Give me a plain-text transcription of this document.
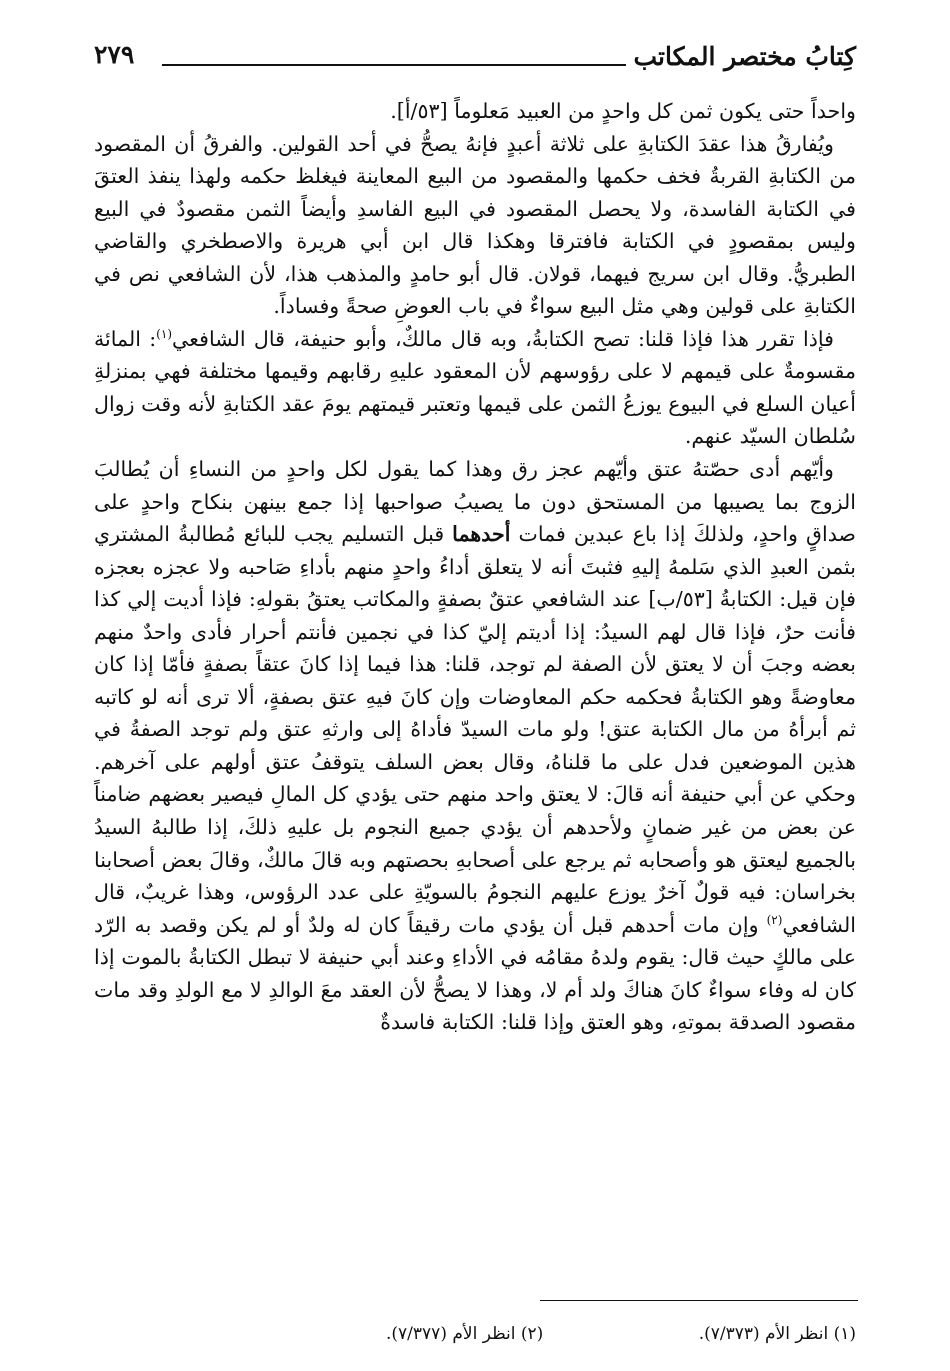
كِتابُ مختصر المكاتب
٢٧٩

واحداً حتى يكون ثمن كل واحدٍ من العبيد مَعلوماً [٥٣/أ].

ويُفارقُ هذا عقدَ الكتابةِ على ثلاثة أعبدٍ فإنهُ يصحُّ في أحد القولين. والفرقُ أن المقصود من الكتابةِ القربةُ فخف حكمها والمقصود من البيع المعاينة فيغلظ حكمه ولهذا ينفذ العتقَ في الكتابة الفاسدة، ولا يحصل المقصود في البيع الفاسدِ وأيضاً الثمن مقصودٌ في البيع وليس بمقصودٍ في الكتابة فافترقا وهكذا قال ابن أبي هريرة والاصطخري والقاضي الطبريُّ. وقال ابن سريج فيهما، قولان. قال أبو حامدٍ والمذهب هذا، لأن الشافعي نص في الكتابةِ على قولين وهي مثل البيع سواءٌ في باب العوضِ صحةً وفساداً.

فإذا تقرر هذا فإذا قلنا: تصح الكتابةُ، وبه قال مالكٌ، وأبو حنيفة، قال الشافعي$^{(١)}$: المائة مقسومةٌ على قيمهم لا على رؤوسهم لأن المعقود عليهِ رقابهم وقيمها مختلفة فهي بمنزلةِ أعيان السلع في البيوع يوزعُ الثمن على قيمها وتعتبر قيمتهم يومَ عقد الكتابةِ لأنه وقت زوال سُلطان السيّد عنهم.

وأيّهم أدى حصّتهُ عتق وأيّهم عجز رق وهذا كما يقول لكل واحدٍ من النساءِ أن يُطالبَ الزوج بما يصيبها من المستحق دون ما يصيبُ صواحبها إذا جمع بينهن بنكاح واحدٍ على صداقٍ واحدٍ، ولذلكَ إذا باع عبدين فمات أحدهما قبل التسليم يجب للبائع مُطالبةُ المشتري بثمن العبدِ الذي سَلمهُ إليهِ فثبتَ أنه لا يتعلق أداءُ واحدٍ منهم بأداءِ صَاحبه ولا عجزه بعجزه فإن قيل: الكتابةُ [٥٣/ب] عند الشافعي عتقٌ بصفةٍ والمكاتب يعتقُ بقولهِ: فإذا أديت إلي كذا فأنت حرٌ، فإذا قال لهم السيدُ: إذا أديتم إليّ كذا في نجمين فأنتم أحرار فأدى واحدٌ منهم بعضه وجبَ أن لا يعتق لأن الصفة لم توجد، قلنا: هذا فيما إذا كانَ عتقاً بصفةٍ فأمّا إذا كان معاوضةً وهو الكتابةُ فحكمه حكم المعاوضات وإن كانَ فيهِ عتق بصفةٍ، ألا ترى أنه لو كاتبه ثم أبرأهُ من مال الكتابة عتق! ولو مات السيدّ فأداهُ إلى وارثهِ عتق ولم توجد الصفةُ في هذين الموضعين فدل على ما قلناهُ، وقال بعض السلف يتوقفُ عتق أولهم على آخرهم. وحكي عن أبي حنيفة أنه قالَ: لا يعتق واحد منهم حتى يؤدي كل المالِ فيصير بعضهم ضامناً عن بعض من غير ضمانٍ ولأحدهم أن يؤدي جميع النجوم بل عليهِ ذلكَ، إذا طالبهُ السيدُ بالجميع ليعتق هو وأصحابه ثم يرجع على أصحابهِ بحصتهم وبه قالَ مالكٌ، وقالَ بعض أصحابنا بخراسان: فيه قولٌ آخرٌ يوزع عليهم النجومُ بالسويّةِ على عدد الرؤوس، وهذا غريبٌ، قال الشافعي$^{(٢)}$ وإن مات أحدهم قبل أن يؤدي مات رقيقاً كان له ولدٌ أو لم يكن وقصد به الرّد على مالكٍ حيث قال: يقوم ولدهُ مقامُه في الأداءِ وعند أبي حنيفة لا تبطل الكتابةُ بالموت إذا كان له وفاء سواءٌ كانَ هناكَ ولد أم لا، وهذا لا يصحُّ لأن العقد معَ الوالدِ لا مع الولدِ وقد مات مقصود الصدقة بموتهِ، وهو العتق وإذا قلنا: الكتابة فاسدةٌ

(١) انظر الأم (٧/٣٧٣). (٢) انظر الأم (٧/٣٧٧).
